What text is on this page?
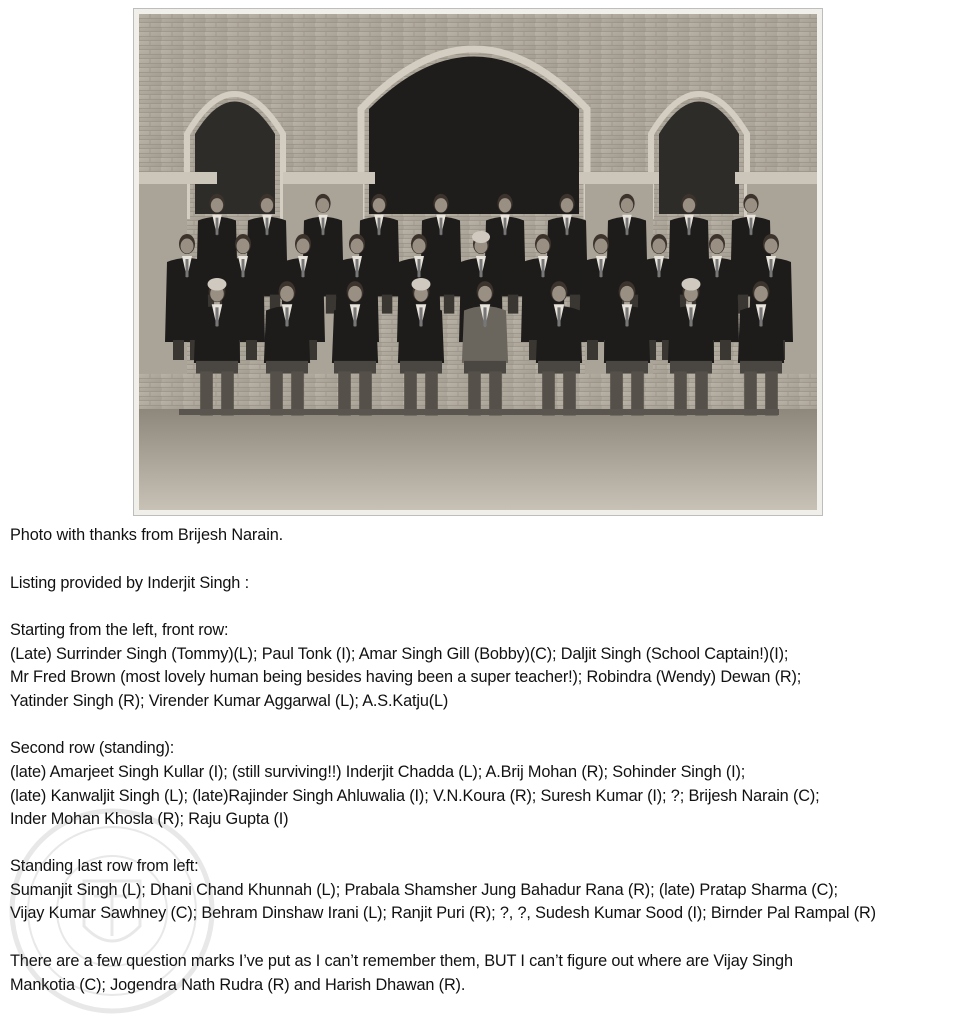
Photo with thanks from Brijesh Narain.
Listing provided by Inderjit Singh :
Starting from the left, front row:
(Late) Surrinder Singh (Tommy)(L); Paul Tonk (I); Amar Singh Gill (Bobby)(C); Daljit Singh (School Captain!)(I);
Mr Fred Brown (most lovely human being besides having been a super teacher!); Robindra (Wendy) Dewan (R);
Yatinder Singh (R); Virender Kumar Aggarwal (L); A.S.Katju(L)
Second row (standing):
(late) Amarjeet Singh Kullar (I); (still surviving!!) Inderjit Chadda (L); A.Brij Mohan (R); Sohinder Singh (I);
(late) Kanwaljit Singh (L); (late)Rajinder Singh Ahluwalia (I); V.N.Koura (R); Suresh Kumar (I); ?; Brijesh Narain (C);
Inder Mohan Khosla (R); Raju Gupta (I)
Standing last row from left:
Sumanjit Singh (L); Dhani Chand Khunnah (L); Prabala Shamsher Jung Bahadur Rana (R); (late) Pratap Sharma (C);
Vijay Kumar Sawhney (C); Behram Dinshaw Irani (L); Ranjit Puri (R); ?, ?, Sudesh Kumar Sood (I); Birnder Pal Rampal (R)
There are a few question marks I’ve put as I can’t remember them, BUT I can’t figure out where are Vijay Singh
Mankotia (C); Jogendra Nath Rudra (R) and Harish Dhawan (R).
